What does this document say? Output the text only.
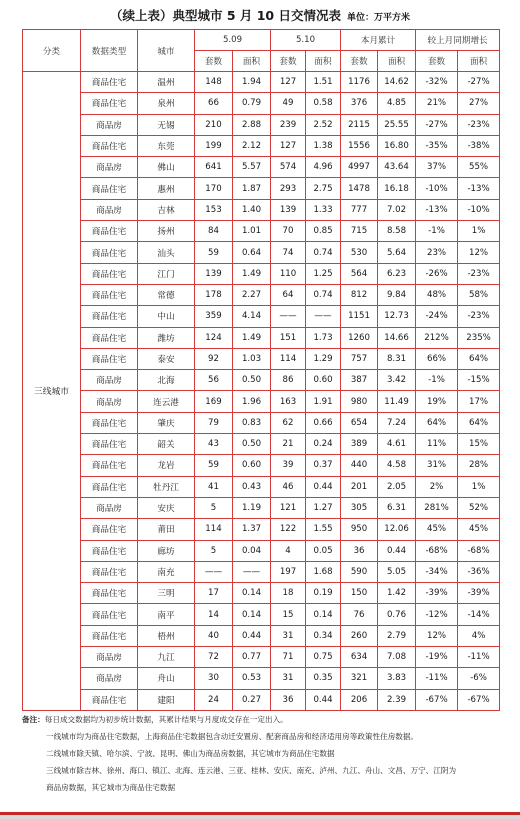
（续上表）典型城市 5 月 10 日交情况表 单位：万平方米
分类	数据类型	城市	5.09		5.10		本月累计		较上月同期增长	
			套数	面积	套数	面积	套数	面积	套数	面积
三线城市	商品住宅	温州	148	1.94	127	1.51	1176	14.62	-32%	-27%
	商品住宅	泉州	66	0.79	49	0.58	376	4.85	21%	27%
	商品房	无锡	210	2.88	239	2.52	2115	25.55	-27%	-23%
	商品住宅	东莞	199	2.12	127	1.38	1556	16.80	-35%	-38%
	商品房	佛山	641	5.57	574	4.96	4997	43.64	37%	55%
	商品住宅	惠州	170	1.87	293	2.75	1478	16.18	-10%	-13%
	商品房	吉林	153	1.40	139	1.33	777	7.02	-13%	-10%
	商品住宅	扬州	84	1.01	70	0.85	715	8.58	-1%	1%
	商品住宅	汕头	59	0.64	74	0.74	530	5.64	23%	12%
	商品住宅	江门	139	1.49	110	1.25	564	6.23	-26%	-23%
	商品住宅	常德	178	2.27	64	0.74	812	9.84	48%	58%
	商品住宅	中山	359	4.14	——	——	1151	12.73	-24%	-23%
	商品住宅	潍坊	124	1.49	151	1.73	1260	14.66	212%	235%
	商品住宅	泰安	92	1.03	114	1.29	757	8.31	66%	64%
	商品房	北海	56	0.50	86	0.60	387	3.42	-1%	-15%
	商品房	连云港	169	1.96	163	1.91	980	11.49	19%	17%
	商品住宅	肇庆	79	0.83	62	0.66	654	7.24	64%	64%
	商品住宅	韶关	43	0.50	21	0.24	389	4.61	11%	15%
	商品住宅	龙岩	59	0.60	39	0.37	440	4.58	31%	28%
	商品住宅	牡丹江	41	0.43	46	0.44	201	2.05	2%	1%
	商品房	安庆	5	1.19	121	1.27	305	6.31	281%	52%
	商品住宅	莆田	114	1.37	122	1.55	950	12.06	45%	45%
	商品住宅	廊坊	5	0.04	4	0.05	36	0.44	-68%	-68%
	商品住宅	南充	——	——	197	1.68	590	5.05	-34%	-36%
	商品住宅	三明	17	0.14	18	0.19	150	1.42	-39%	-39%
	商品住宅	南平	14	0.14	15	0.14	76	0.76	-12%	-14%
	商品住宅	梧州	40	0.44	31	0.34	260	2.79	12%	4%
	商品房	九江	72	0.77	71	0.75	634	7.08	-19%	-11%
	商品房	舟山	30	0.53	31	0.35	321	3.83	-11%	-6%
	商品住宅	建阳	24	0.27	36	0.44	206	2.39	-67%	-67%
备注：每日成交数据均为初步统计数据，其累计结果与月度成交存在一定出入。
一线城市均为商品住宅数据，上海商品住宅数据包含动迁安置房、配套商品房和经济适用房等政策性住房数据。
二线城市除天镇、哈尔滨、宁波、昆明、佛山为商品房数据，其它城市为商品住宅数据
三线城市除吉林、徐州、海口、镇江、北海、连云港、三亚、桂林、安庆、南充、泸州、九江、舟山、文昌、万宁、江阴为
商品房数据，其它城市为商品住宅数据
